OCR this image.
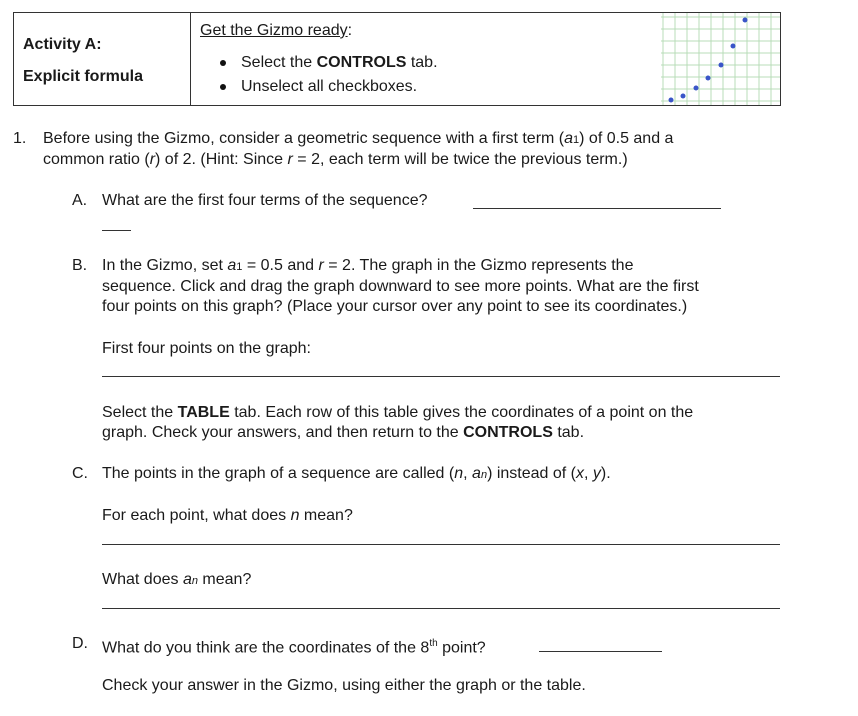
Activity A:
Explicit formula
Get the Gizmo ready:
Select the CONTROLS tab.
Unselect all checkboxes.
1. Before using the Gizmo, consider a geometric sequence with a first term (a1) of 0.5 and a
common ratio (r) of 2. (Hint: Since r = 2, each term will be twice the previous term.)
A. What are the first four terms of the sequence?
B. In the Gizmo, set a1 = 0.5 and r = 2. The graph in the Gizmo represents the
sequence. Click and drag the graph downward to see more points. What are the first
four points on this graph? (Place your cursor over any point to see its coordinates.)
First four points on the graph:
Select the TABLE tab. Each row of this table gives the coordinates of a point on the
graph. Check your answers, and then return to the CONTROLS tab.
C. The points in the graph of a sequence are called (n, an) instead of (x, y).
For each point, what does n mean?
What does an mean?
D. What do you think are the coordinates of the 8th point?
Check your answer in the Gizmo, using either the graph or the table.
